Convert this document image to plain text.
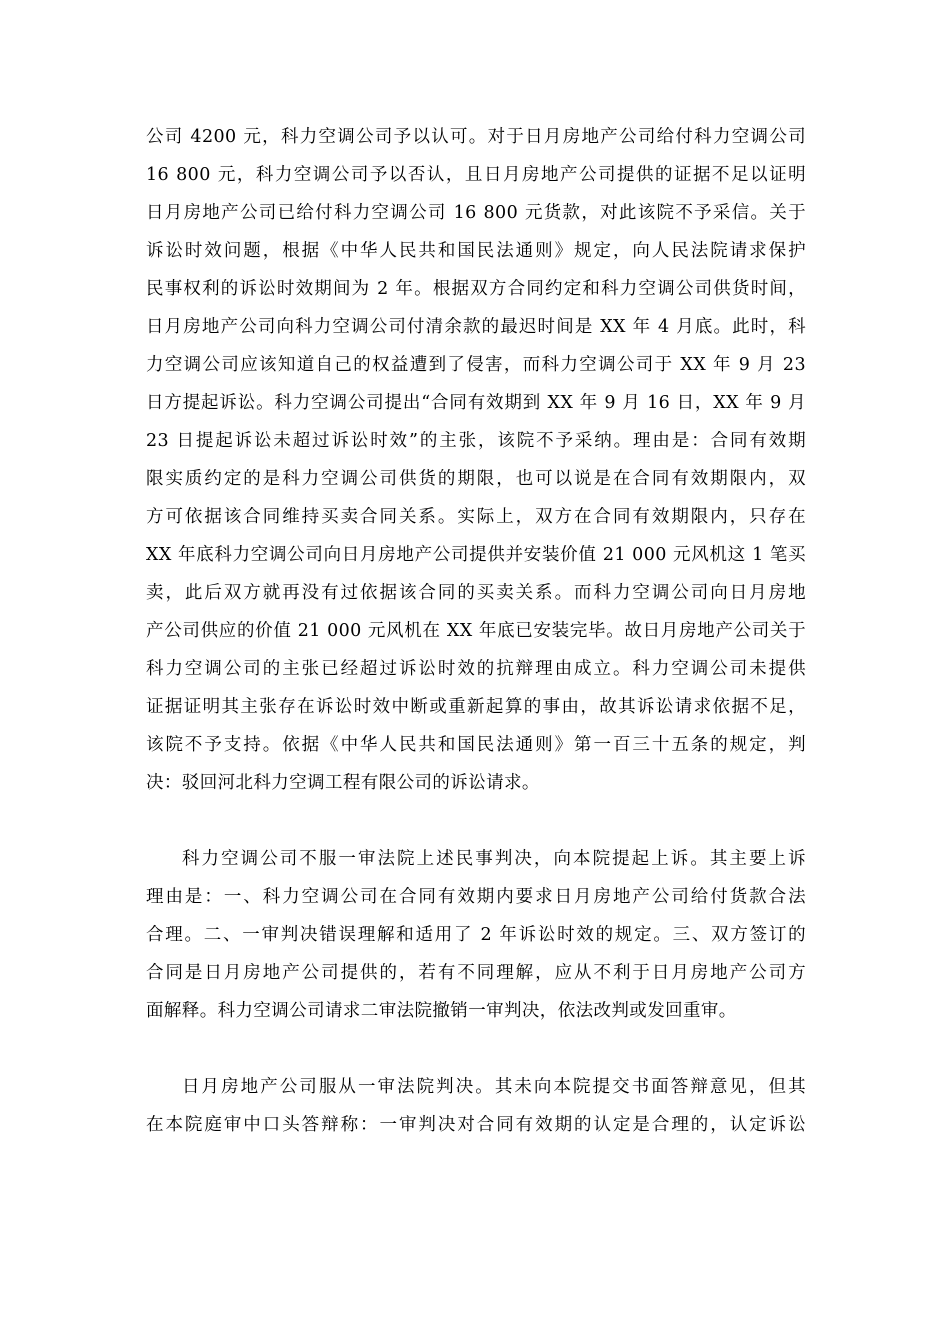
公司 4200 元，科力空调公司予以认可。对于日月房地产公司给付科力空调公司
16 800 元，科力空调公司予以否认，且日月房地产公司提供的证据不足以证明
日月房地产公司已给付科力空调公司 16 800 元货款，对此该院不予采信。关于
诉讼时效问题，根据《中华人民共和国民法通则》规定，向人民法院请求保护
民事权利的诉讼时效期间为 2 年。根据双方合同约定和科力空调公司供货时间，
日月房地产公司向科力空调公司付清余款的最迟时间是 XX 年 4 月底。此时，科
力空调公司应该知道自己的权益遭到了侵害，而科力空调公司于 XX 年 9 月 23
日方提起诉讼。科力空调公司提出“合同有效期到 XX 年 9 月 16 日，XX 年 9 月
23 日提起诉讼未超过诉讼时效”的主张，该院不予采纳。理由是：合同有效期
限实质约定的是科力空调公司供货的期限，也可以说是在合同有效期限内，双
方可依据该合同维持买卖合同关系。实际上，双方在合同有效期限内，只存在
XX 年底科力空调公司向日月房地产公司提供并安装价值 21 000 元风机这 1 笔买
卖，此后双方就再没有过依据该合同的买卖关系。而科力空调公司向日月房地
产公司供应的价值 21 000 元风机在 XX 年底已安装完毕。故日月房地产公司关于
科力空调公司的主张已经超过诉讼时效的抗辩理由成立。科力空调公司未提供
证据证明其主张存在诉讼时效中断或重新起算的事由，故其诉讼请求依据不足，
该院不予支持。依据《中华人民共和国民法通则》第一百三十五条的规定，判
决：驳回河北科力空调工程有限公司的诉讼请求。
科力空调公司不服一审法院上述民事判决，向本院提起上诉。其主要上诉
理由是：一、科力空调公司在合同有效期内要求日月房地产公司给付货款合法
合理。二、一审判决错误理解和适用了 2 年诉讼时效的规定。三、双方签订的
合同是日月房地产公司提供的，若有不同理解，应从不利于日月房地产公司方
面解释。科力空调公司请求二审法院撤销一审判决，依法改判或发回重审。
日月房地产公司服从一审法院判决。其未向本院提交书面答辩意见，但其
在本院庭审中口头答辩称：一审判决对合同有效期的认定是合理的，认定诉讼
